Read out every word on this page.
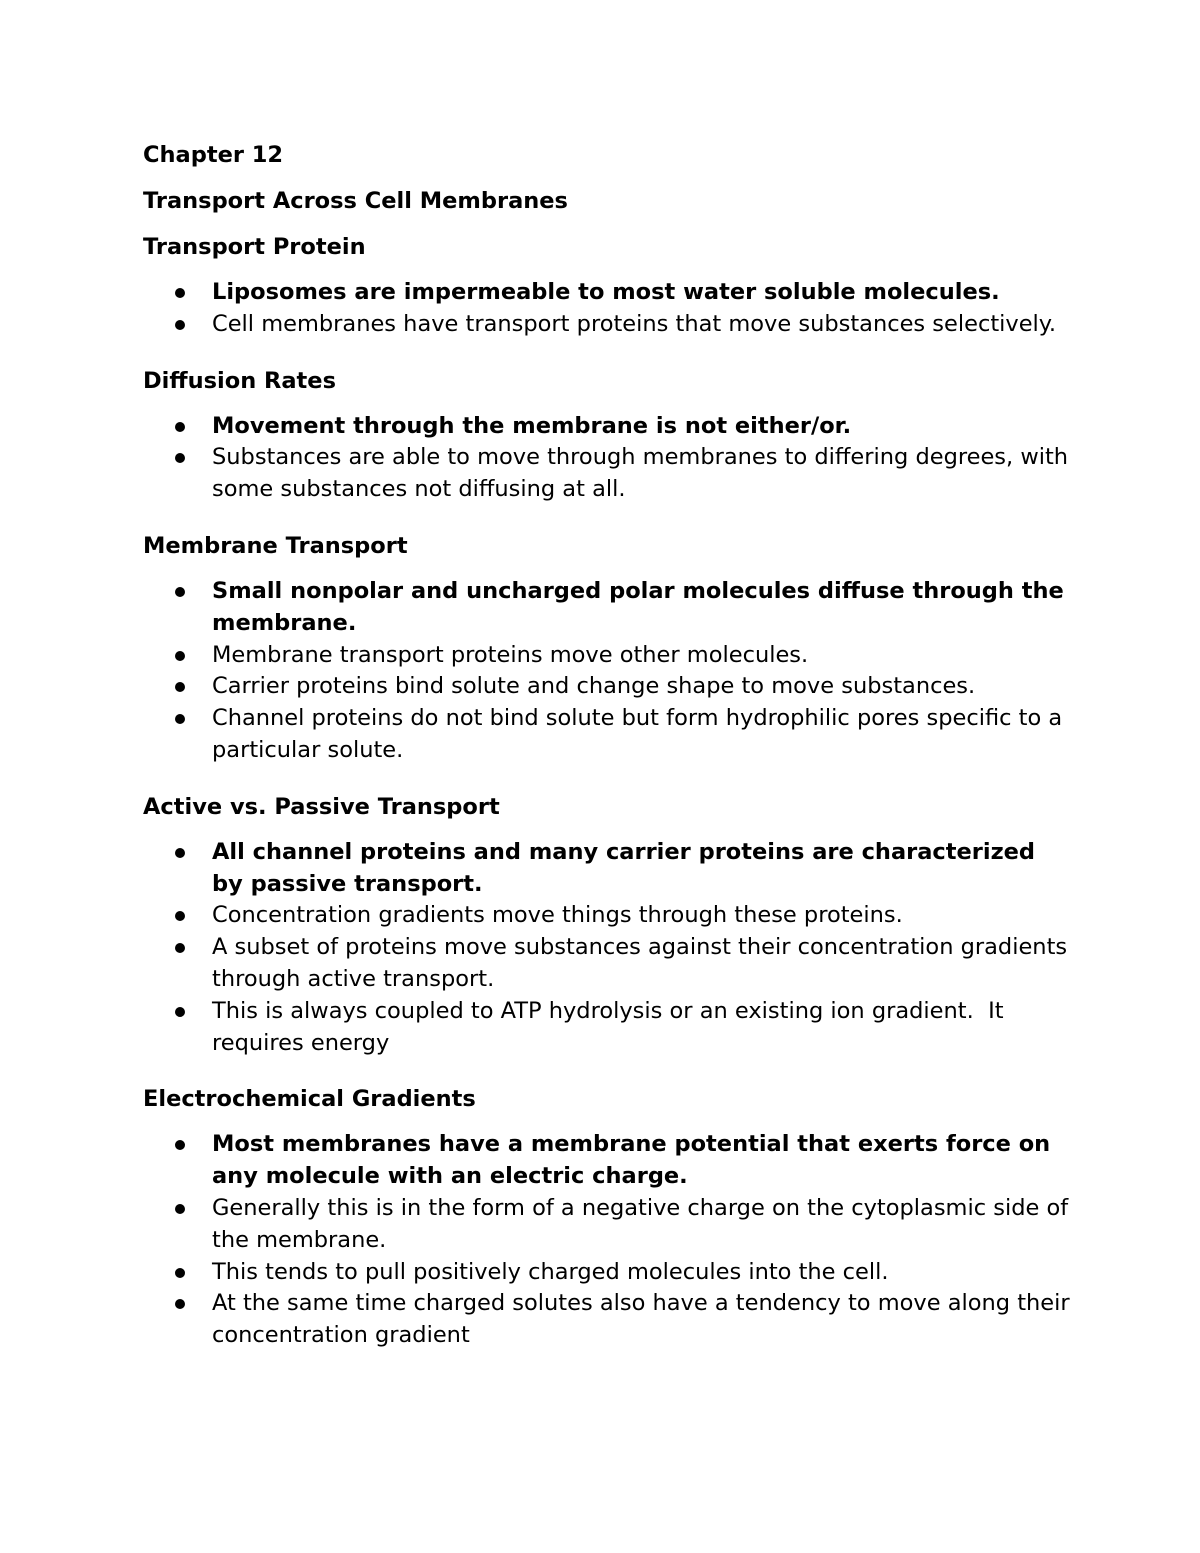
Chapter 12
Transport Across Cell Membranes
Transport Protein
Liposomes are impermeable to most water soluble molecules.
Cell membranes have transport proteins that move substances selectively.
Diffusion Rates
Movement through the membrane is not either/or.
Substances are able to move through membranes to differing degrees, with some substances not diffusing at all.
Membrane Transport
Small nonpolar and uncharged polar molecules diffuse through the membrane.
Membrane transport proteins move other molecules.
Carrier proteins bind solute and change shape to move substances.
Channel proteins do not bind solute but form hydrophilic pores specific to a particular solute.
Active vs. Passive Transport
All channel proteins and many carrier proteins are characterized by passive transport.
Concentration gradients move things through these proteins.
A subset of proteins move substances against their concentration gradients through active transport.
This is always coupled to ATP hydrolysis or an existing ion gradient.  It requires energy
Electrochemical Gradients
Most membranes have a membrane potential that exerts force on any molecule with an electric charge.
Generally this is in the form of a negative charge on the cytoplasmic side of the membrane.
This tends to pull positively charged molecules into the cell.
At the same time charged solutes also have a tendency to move along their concentration gradient
